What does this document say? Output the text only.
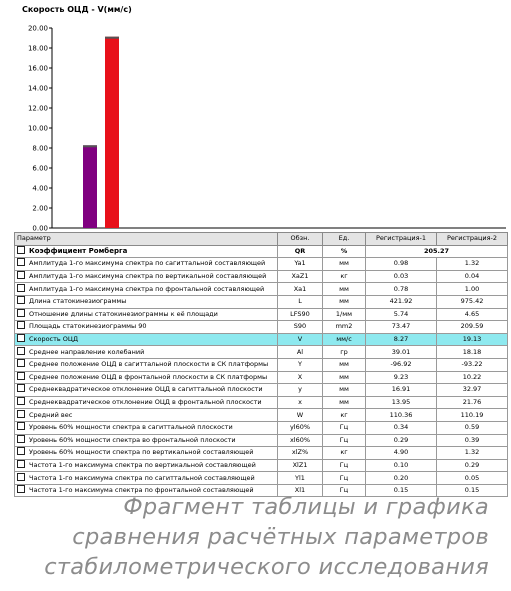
Скорость ОЦД - V(мм/с)
0.00
2.00
4.00
6.00
8.00
10.00
12.00
14.00
16.00
18.00
20.00
Параметр	Обзн.	Ед.	Регистрация-1	Регистрация-2
Коэффициент Ромберга	QR	%	205.27	
Амплитуда 1-го максимума спектра по сагиттальной составляющей	Ya1	мм	0.98	1.32
Амплитуда 1-го максимума спектра по вертикальной составляющей	XaZ1	кг	0.03	0.04
Амплитуда 1-го максимума спектра по фронтальной составляющей	Xa1	мм	0.78	1.00
Длина статокинезиограммы	L	мм	421.92	975.42
Отношение длины статокинезиограммы к её площади	LFS90	1/мм	5.74	4.65
Площадь статокинезиограммы 90	S90	mm2	73.47	209.59
Скорость ОЦД	V	мм/с	8.27	19.13
Среднее направление колебаний	Al	гр	39.01	18.18
Среднее положение ОЦД в сагиттальной плоскости в СК платформы	Y	мм	-96.92	-93.22
Среднее положение ОЦД в фронтальной плоскости в СК платформы	X	мм	9.23	10.22
Среднеквадратическое отклонение ОЦД в сагиттальной плоскости	y	мм	16.91	32.97
Среднеквадратическое отклонение ОЦД в фронтальной плоскости	x	мм	13.95	21.76
Средний вес	W	кг	110.36	110.19
Уровень 60% мощности спектра в сагиттальной плоскости	yl60%	Гц	0.34	0.59
Уровень 60% мощности спектра во фронтальной плоскости	xl60%	Гц	0.29	0.39
Уровень 60% мощности спектра по вертикальной составляющей	xlZ%	кг	4.90	1.32
Частота 1-го максимума спектра по вертикальной составляющей	XlZ1	Гц	0.10	0.29
Частота 1-го максимума спектра по сагиттальной составляющей	Yl1	Гц	0.20	0.05
Частота 1-го максимума спектра по фронтальной составляющей	Xl1	Гц	0.15	0.15
Фрагмент таблицы и графика
сравнения расчётных параметров
стабилометрического исследования
